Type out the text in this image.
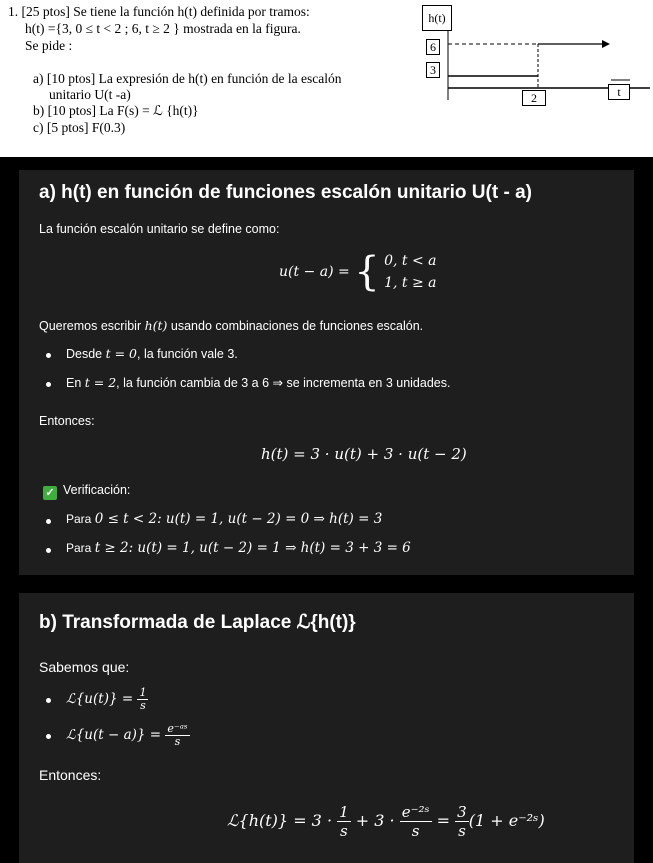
1. [25 ptos] Se tiene la función h(t) definida por tramos:
h(t) ={3, 0 ≤ t < 2 ; 6, t ≥ 2 } mostrada en la figura.
Se pide :
a) [10 ptos] La expresión de h(t) en función de la escalón
unitario U(t -a)
b) [10 ptos] La F(s) = ℒ {h(t)}
c) [5 ptos] F(0.3)
h(t)
6
3
2	t
a) h(t) en función de funciones escalón unitario U(t - a)
La función escalón unitario se define como:
u(t − a) = { 0, t < a
1, t ≥ a
Queremos escribir h(t) usando combinaciones de funciones escalón.
Desde t = 0, la función vale 3.
En t = 2, la función cambia de 3 a 6 ⇒ se incrementa en 3 unidades.
Entonces:
h(t) = 3 · u(t) + 3 · u(t − 2)
✓ Verificación:
Para 0 ≤ t < 2: u(t) = 1, u(t − 2) = 0 ⇒ h(t) = 3
Para t ≥ 2: u(t) = 1, u(t − 2) = 1 ⇒ h(t) = 3 + 3 = 6
b) Transformada de Laplace ℒ{h(t)}
Sabemos que:
ℒ{u(t)} = $\frac{1}{s}$
ℒ{u(t − $a)\} = \frac{\text{e⁻ᵃˢ}}{s}$
Entonces:
ℒ{h(t)} = $3 \cdot \frac{1}{s} + 3 \cdot \frac{\text{e⁻²ˢ}}{s} = \frac{3}{s} (1$ + e⁻²ˢ)
